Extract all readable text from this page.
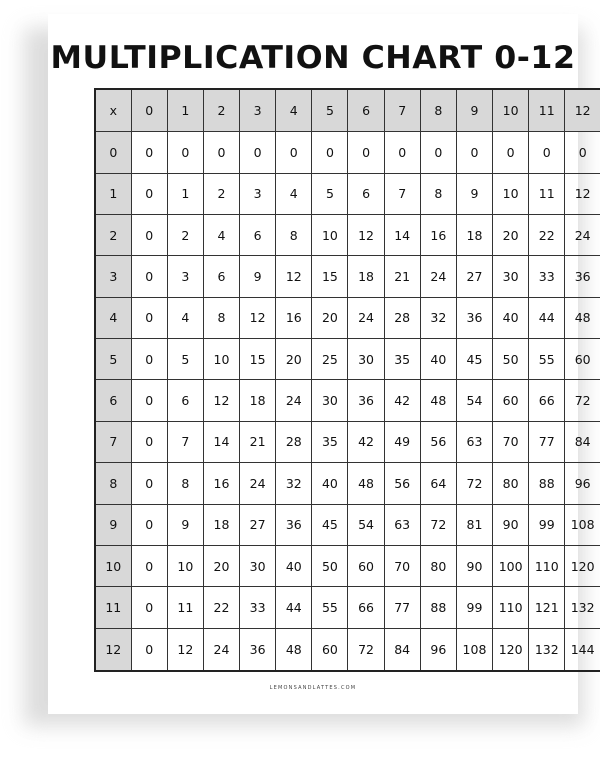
MULTIPLICATION CHART 0-12
x	0	1	2	3	4	5	6	7	8	9	10	11	12
0	0	0	0	0	0	0	0	0	0	0	0	0	0
1	0	1	2	3	4	5	6	7	8	9	10	11	12
2	0	2	4	6	8	10	12	14	16	18	20	22	24
3	0	3	6	9	12	15	18	21	24	27	30	33	36
4	0	4	8	12	16	20	24	28	32	36	40	44	48
5	0	5	10	15	20	25	30	35	40	45	50	55	60
6	0	6	12	18	24	30	36	42	48	54	60	66	72
7	0	7	14	21	28	35	42	49	56	63	70	77	84
8	0	8	16	24	32	40	48	56	64	72	80	88	96
9	0	9	18	27	36	45	54	63	72	81	90	99	108
10	0	10	20	30	40	50	60	70	80	90	100	110	120
11	0	11	22	33	44	55	66	77	88	99	110	121	132
12	0	12	24	36	48	60	72	84	96	108	120	132	144
LEMONSANDLATTES.COM
